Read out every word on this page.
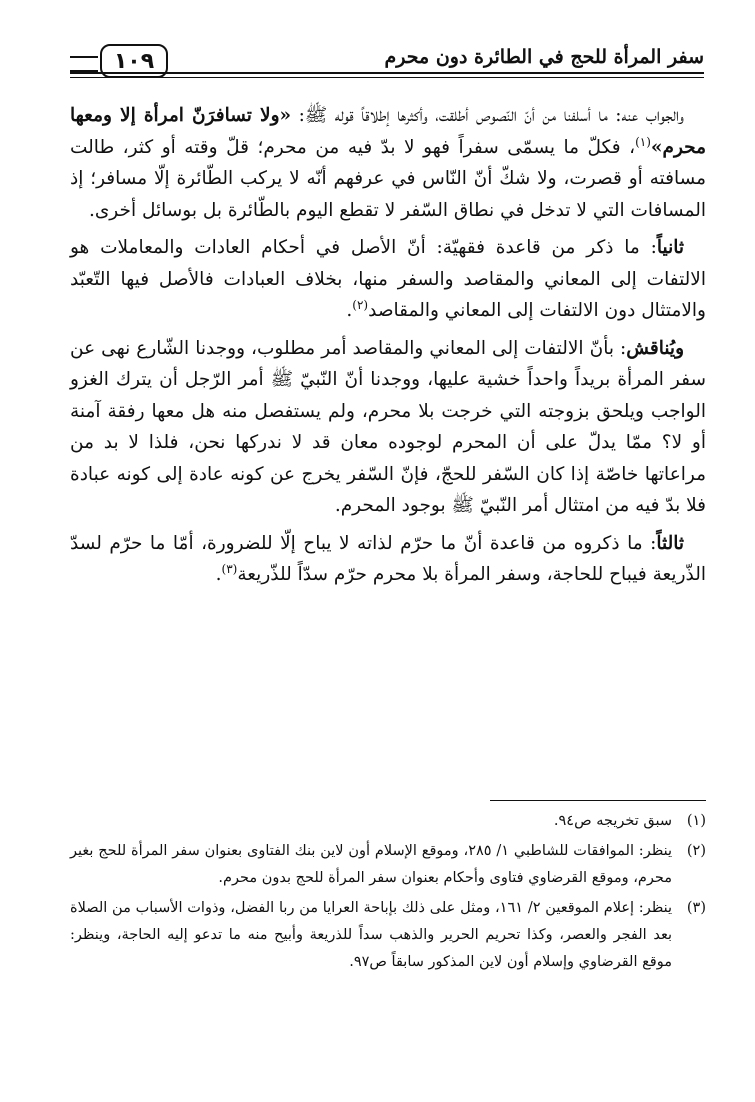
سفر المرأة للحج في الطائرة دون محرم
١٠٩

والجواب عنه: ما أسلفنا من أنّ النّصوص أطلقت، وأكثرها إطلاقاً قوله ﷺ: «ولا تسافرَنّ امرأة إلا ومعها محرم»$^{(١)}$، فكلّ ما يسمّى سفراً فهو لا بدّ فيه من محرم؛ قلّ وقته أو كثر، طالت مسافته أو قصرت، ولا شكّ أنّ النّاس في عرفهم أنّه لا يركب الطّائرة إلّا مسافر؛ إذ المسافات التي لا تدخل في نطاق السّفر لا تقطع اليوم بالطّائرة بل بوسائل أخرى.

ثانياً: ما ذكر من قاعدة فقهيّة: أنّ الأصل في أحكام العادات والمعاملات هو الالتفات إلى المعاني والمقاصد والسفر منها، بخلاف العبادات فالأصل فيها التّعبّد والامتثال دون الالتفات إلى المعاني والمقاصد$^{(٢)}$.

ويُناقش: بأنّ الالتفات إلى المعاني والمقاصد أمر مطلوب، ووجدنا الشّارع نهى عن سفر المرأة بريداً واحداً خشية عليها، ووجدنا أنّ النّبيّ ﷺ أمر الرّجل أن يترك الغزو الواجب ويلحق بزوجته التي خرجت بلا محرم، ولم يستفصل منه هل معها رفقة آمنة أو لا؟ ممّا يدلّ على أن المحرم لوجوده معان قد لا ندركها نحن، فلذا لا بد من مراعاتها خاصّة إذا كان السّفر للحجّ، فإنّ السّفر يخرج عن كونه عادة إلى كونه عبادة فلا بدّ فيه من امتثال أمر النّبيّ ﷺ بوجود المحرم.

ثالثاً: ما ذكروه من قاعدة أنّ ما حرّم لذاته لا يباح إلّا للضرورة، أمّا ما حرّم لسدّ الذّريعة فيباح للحاجة، وسفر المرأة بلا محرم حرّم سدّاً للذّريعة$^{(٣)}$.

(١)
سبق تخريجه ص٩٤.
(٢)
ينظر: الموافقات للشاطبي ١/ ٢٨٥، وموقع الإسلام أون لاين بنك الفتاوى بعنوان سفر المرأة للحج بغير محرم، وموقع القرضاوي فتاوى وأحكام بعنوان سفر المرأة للحج بدون محرم.
(٣)
ينظر: إعلام الموقعين ٢/ ١٦١، ومثل على ذلك بإباحة العرايا من ربا الفضل، وذوات الأسباب من الصلاة بعد الفجر والعصر، وكذا تحريم الحرير والذهب سداً للذريعة وأبيح منه ما تدعو إليه الحاجة، وينظر: موقع القرضاوي وإسلام أون لاين المذكور سابقاً ص٩٧.
